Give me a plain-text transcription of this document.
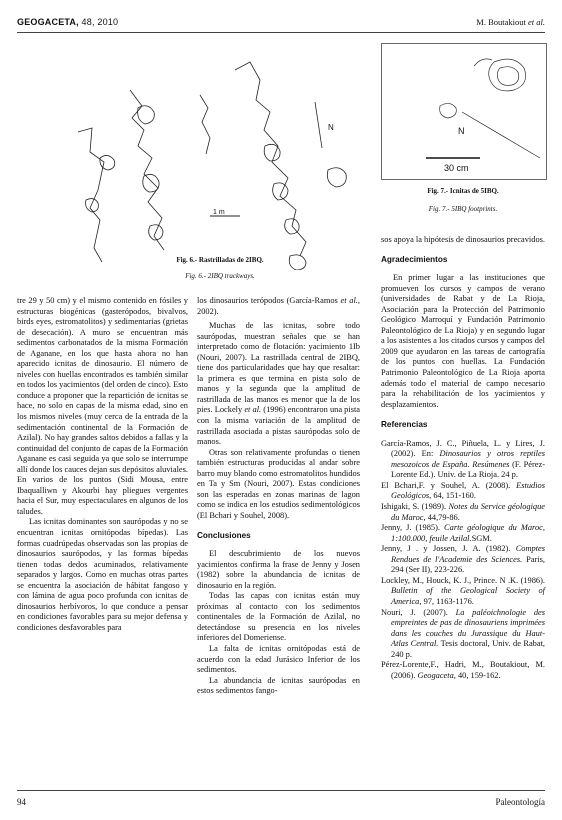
GEOGACETA, 48, 2010	M. Boutakiout et al.
N
1 m
Fig. 6.- Rastrilladas de 2IBQ.
Fig. 6.- 2IBQ trackways.
N
30 cm
Fig. 7.- Icnitas de 5IBQ.
Fig. 7.- 5IBQ footprints.

tre 29 y 50 cm) y el mismo contenido en fósiles y estructuras biogénicas (gasterópodos, bivalvos, birds eyes, estromatolitos) y sedimentarias (grietas de desecación). A muro se encuentran más sedimentos carbonatados de la misma Formación de Aganane, en los que hasta ahora no han aparecido icnitas de dinosaurio. El número de niveles con huellas encontrados es también similar en todos los yacimientos (del orden de cinco). Esto conduce a proponer que la repartición de icnitas se hace, no solo en capas de la misma edad, sino en los mismos niveles (muy cerca de la entrada de la sedimentación continental de la Formación de Azilal). No hay grandes saltos debidos a fallas y la continuidad del conjunto de capas de la Formación Aganane es casi seguida ya que solo se interrumpe allí donde los cauces dejan sus depósitos aluviales. En varios de los puntos (Sidi Mousa, entre Ibaqualliwn y Akourbi hay pliegues vergentes hacia el Sur, muy espectaculares en algunos de los taludes.

Las icnitas dominantes son saurópodas y no se encuentran icnitas ornitópodas bípedas). Las formas cuadrúpedas observadas son las propias de dinosaurios saurópodos, y las formas bípedas tienen todas dedos acuminados, relativamente separados y largos. Como en muchas otras partes se encuentra la asociación de hábitat fangoso y con lámina de agua poco profunda con icnitas de dinosaurios herbívoros, lo que conduce a pensar en condiciones favorables para su mejor defensa y condiciones desfavorables para

los dinosaurios terópodos (García-Ramos et al., 2002).

Muchas de las icnitas, sobre todo saurópodas, muestran señales que se han interpretado como de flotación: yacimiento 1Ib (Nouri, 2007). La rastrillada central de 2IBQ, tiene dos particularidades que hay que resaltar: la primera es que termina en pista solo de manos y la segunda que la amplitud de rastrillada de las manos es menor que la de los pies. Lockely et al. (1996) encontraron una pista con la misma variación de la amplitud de rastrillada asociada a pistas saurópodas solo de manos.

Otras son relativamente profundas o tienen también estructuras producidas al andar sobre barro muy blando como estromatolitos hundidos en Ta y Sm (Nouri, 2007). Estas condiciones son las esperadas en zonas marinas de lagon como se indica en los estudios sedimentológicos (El Bchari y Souhel, 2008).

Conclusiones

El descubrimiento de los nuevos yacimientos confirma la frase de Jenny y Josen (1982) sobre la abundancia de icnitas de dinosaurio en la región.

Todas las capas con icnitas están muy próximas al contacto con los sedimentos continentales de la Formación de Azilal, no detectándose su presencia en los niveles inferiores del Domeriense.

La falta de icnitas ornitópodas está de acuerdo con la edad Jurásico Inferior de los sedimentos.

La abundancia de icnitas saurópodas en estos sedimentos fango-

sos apoya la hipótesis de dinosaurios precavidos.

Agradecimientos

En primer lugar a las instituciones que promueven los cursos y campos de verano (universidades de Rabat y de La Rioja, Asociación para la Protección del Patrimonio Geológico Marroquí y Fundación Patrimonio Paleontológico de La Rioja) y en segundo lugar a los asistentes a los citados cursos y campos del 2009 que ayudaron en las tareas de cartografía de los puntos con huellas. La Fundación Patrimonio Paleontológico de La Rioja aporta además todo el material de campo necesario para la rehabilitación de los yacimientos y desplazamientos.

Referencias

García-Ramos, J. C., Piñuela, L. y Lires, J. (2002). En: Dinosaurios y otros reptiles mesozoicos de España. Resúmenes (F. Pérez-Lorente Ed.). Univ. de La Rioja. 24 p.

El Bchari,F. y Souhel, A. (2008). Estudios Geológicos, 64, 151-160.

Ishigaki, S. (1989). Notes du Service géologique du Maroc, 44,79-86.

Jenny, J. (1985). Carte géologique du Maroc, 1:100.000, feuile Azilal.SGM.

Jenny, J . y Jossen, J. A. (1982). Comptes Rendues de l'Academie des Sciences. Paris, 294 (Ser II), 223-226.

Lockley, M., Houck, K. J., Prince. N .K. (1986). Bulletin of the Geological Society of America, 97, 1163-1176.

Nouri, J. (2007). La paléoichnologie des empreintes de pas de dinosauriens imprimées dans les couches du Jurassique du Haut-Atlas Central. Tesis doctoral, Univ. de Rabat, 240 p.

Pérez-Lorente,F., Hadri, M., Boutakiout, M. (2006). Geogaceta, 40, 159-162.

94	Paleontología
